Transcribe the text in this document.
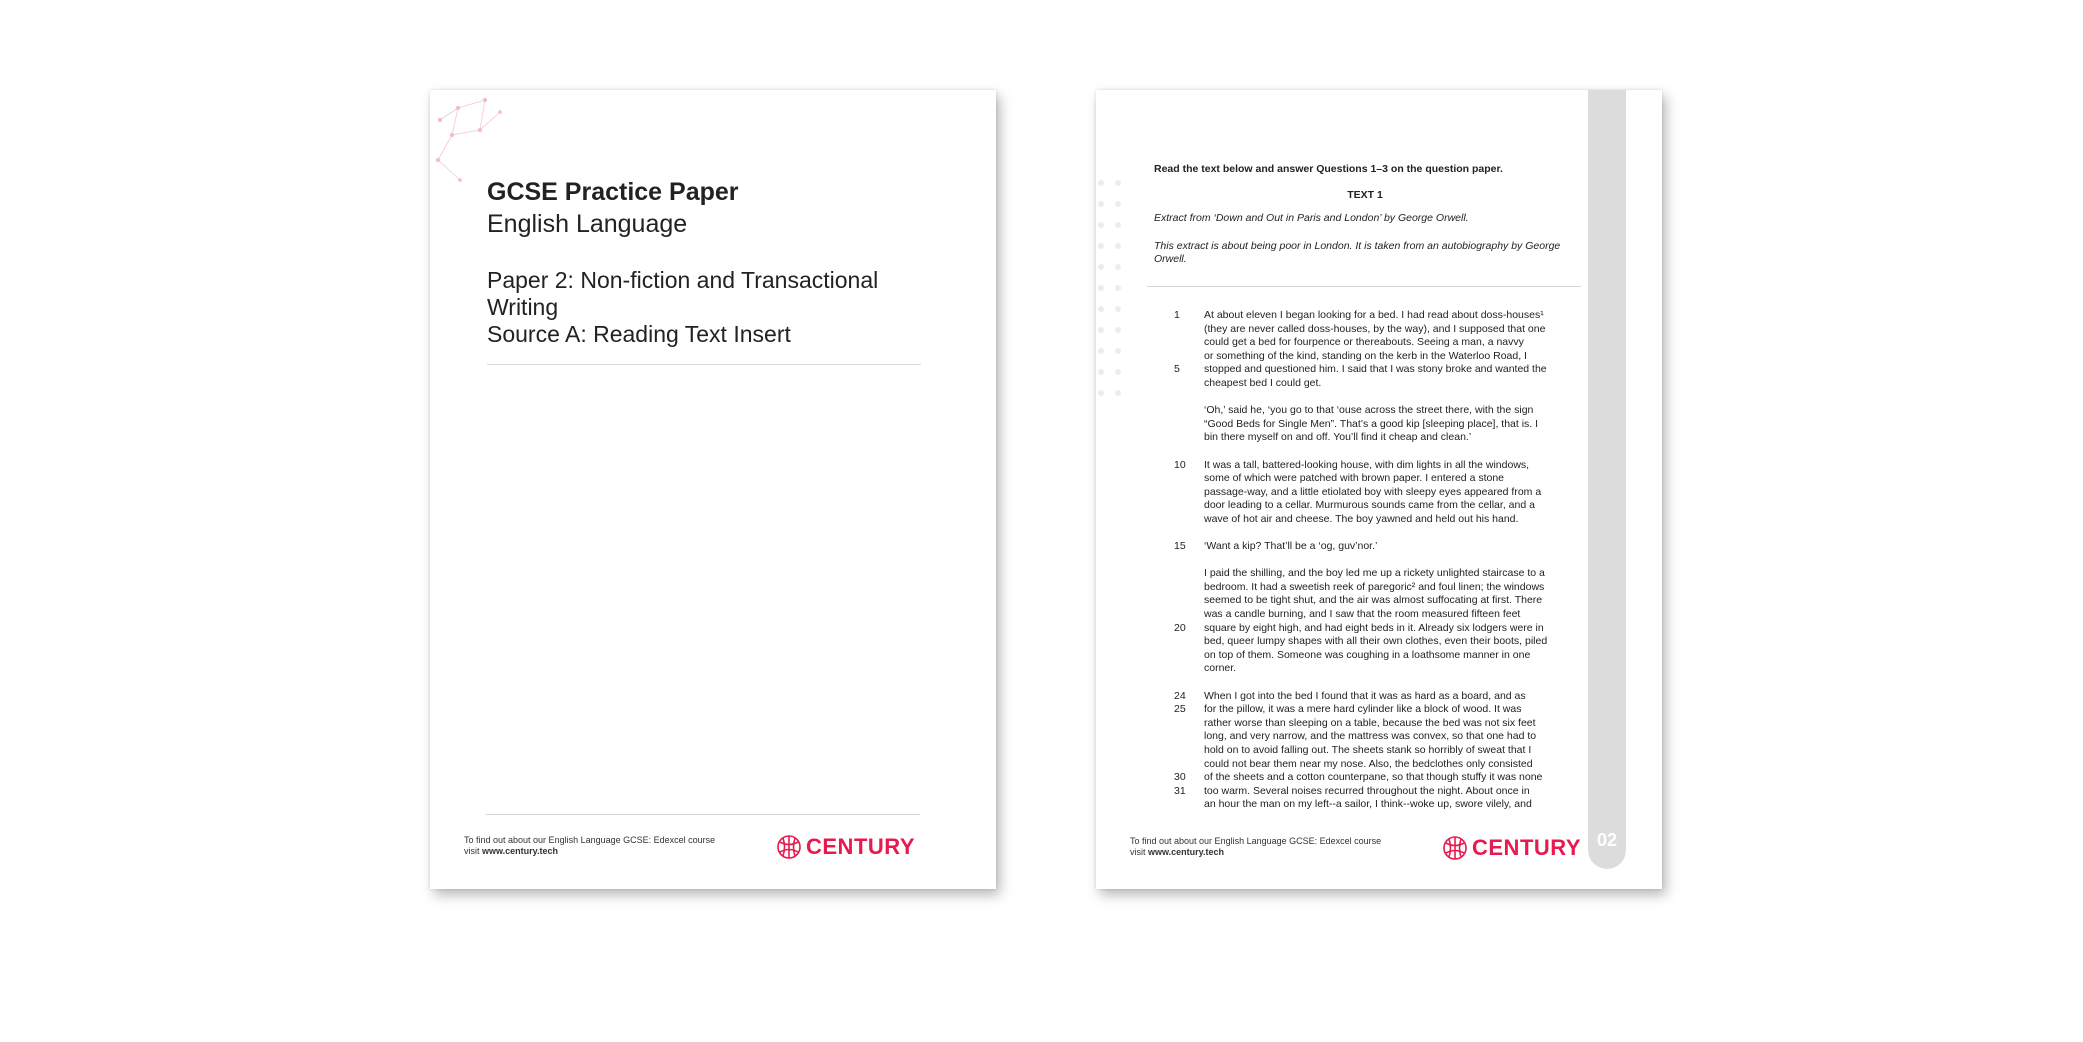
GCSE Practice Paper
English Language
Paper 2: Non-fiction and Transactional
Writing
Source A: Reading Text Insert
To find out about our English Language GCSE: Edexcel course
visit www.century.tech	CENTURY	02
Read the text below and answer Questions 1–3 on the question paper.
TEXT 1
Extract from ‘Down and Out in Paris and London’ by George Orwell.
This extract is about being poor in London. It is taken from an autobiography by George Orwell.
1	At about eleven I began looking for a bed. I had read about doss-houses¹
(they are never called doss-houses, by the way), and I supposed that one
could get a bed for fourpence or thereabouts. Seeing a man, a navvy
or something of the kind, standing on the kerb in the Waterloo Road, I
5	stopped and questioned him. I said that I was stony broke and wanted the
cheapest bed I could get.
‘Oh,’ said he, ‘you go to that ‘ouse across the street there, with the sign
“Good Beds for Single Men”. That’s a good kip [sleeping place], that is. I
bin there myself on and off. You’ll find it cheap and clean.’
10	It was a tall, battered-looking house, with dim lights in all the windows,
some of which were patched with brown paper. I entered a stone
passage-way, and a little etiolated boy with sleepy eyes appeared from a
door leading to a cellar. Murmurous sounds came from the cellar, and a
wave of hot air and cheese. The boy yawned and held out his hand.
15	‘Want a kip? That’ll be a ‘og, guv’nor.’
I paid the shilling, and the boy led me up a rickety unlighted staircase to a
bedroom. It had a sweetish reek of paregoric² and foul linen; the windows
seemed to be tight shut, and the air was almost suffocating at first. There
was a candle burning, and I saw that the room measured fifteen feet
20	square by eight high, and had eight beds in it. Already six lodgers were in
bed, queer lumpy shapes with all their own clothes, even their boots, piled
on top of them. Someone was coughing in a loathsome manner in one
corner.
24	When I got into the bed I found that it was as hard as a board, and as
25	for the pillow, it was a mere hard cylinder like a block of wood. It was
rather worse than sleeping on a table, because the bed was not six feet
long, and very narrow, and the mattress was convex, so that one had to
hold on to avoid falling out. The sheets stank so horribly of sweat that I
could not bear them near my nose. Also, the bedclothes only consisted
30	of the sheets and a cotton counterpane, so that though stuffy it was none
31	too warm. Several noises recurred throughout the night. About once in
an hour the man on my left--a sailor, I think--woke up, swore vilely, and
To find out about our English Language GCSE: Edexcel course
visit www.century.tech	CENTURY
